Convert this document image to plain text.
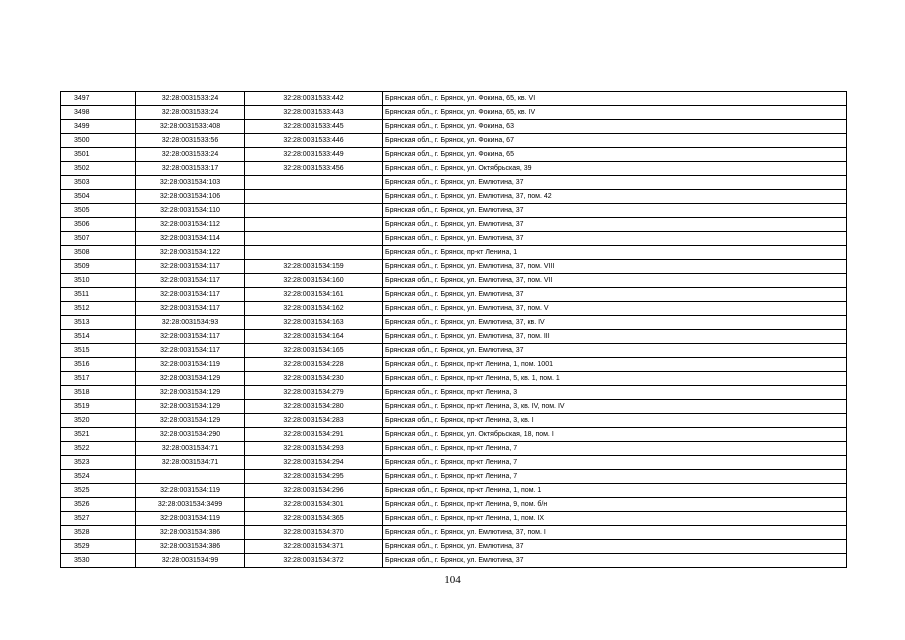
3497	32:28:0031533:24	32:28:0031533:442	Брянская обл., г. Брянск, ул. Фокина, 65, кв. VI
3498	32:28:0031533:24	32:28:0031533:443	Брянская обл., г. Брянск, ул. Фокина, 65, кв. IV
3499	32:28:0031533:408	32:28:0031533:445	Брянская обл., г. Брянск, ул. Фокина, 63
3500	32:28:0031533:56	32:28:0031533:446	Брянская обл., г. Брянск, ул. Фокина, 67
3501	32:28:0031533:24	32:28:0031533:449	Брянская обл., г. Брянск, ул. Фокина, 65
3502	32:28:0031533:17	32:28:0031533:456	Брянская обл., г. Брянск, ул. Октябрьская, 39
3503	32:28:0031534:103		Брянская обл., г. Брянск, ул. Емлютина, 37
3504	32:28:0031534:106		Брянская обл., г. Брянск, ул. Емлютина, 37, пом. 42
3505	32:28:0031534:110		Брянская обл., г. Брянск, ул. Емлютина, 37
3506	32:28:0031534:112		Брянская обл., г. Брянск, ул. Емлютина, 37
3507	32:28:0031534:114		Брянская обл., г. Брянск, ул. Емлютина, 37
3508	32:28:0031534:122		Брянская обл., г. Брянск, пр-кт Ленина, 1
3509	32:28:0031534:117	32:28:0031534:159	Брянская обл., г. Брянск, ул. Емлютина, 37, пом. VIII
3510	32:28:0031534:117	32:28:0031534:160	Брянская обл., г. Брянск, ул. Емлютина, 37, пом. VII
3511	32:28:0031534:117	32:28:0031534:161	Брянская обл., г. Брянск, ул. Емлютина, 37
3512	32:28:0031534:117	32:28:0031534:162	Брянская обл., г. Брянск, ул. Емлютина, 37, пом. V
3513	32:28:0031534:93	32:28:0031534:163	Брянская обл., г. Брянск, ул. Емлютина, 37, кв. IV
3514	32:28:0031534:117	32:28:0031534:164	Брянская обл., г. Брянск, ул. Емлютина, 37, пом. III
3515	32:28:0031534:117	32:28:0031534:165	Брянская обл., г. Брянск, ул. Емлютина, 37
3516	32:28:0031534:119	32:28:0031534:228	Брянская обл., г. Брянск, пр-кт Ленина, 1, пом. 1001
3517	32:28:0031534:129	32:28:0031534:230	Брянская обл., г. Брянск, пр-кт Ленина, 5, кв. 1, пом. 1
3518	32:28:0031534:129	32:28:0031534:279	Брянская обл., г. Брянск, пр-кт Ленина, 3
3519	32:28:0031534:129	32:28:0031534:280	Брянская обл., г. Брянск, пр-кт Ленина, 3, кв. IV, пом. IV
3520	32:28:0031534:129	32:28:0031534:283	Брянская обл., г. Брянск, пр-кт Ленина, 3, кв. I
3521	32:28:0031534:290	32:28:0031534:291	Брянская обл., г. Брянск, ул. Октябрьская, 18, пом. I
3522	32:28:0031534:71	32:28:0031534:293	Брянская обл., г. Брянск, пр-кт Ленина, 7
3523	32:28:0031534:71	32:28:0031534:294	Брянская обл., г. Брянск, пр-кт Ленина, 7
3524		32:28:0031534:295	Брянская обл., г. Брянск, пр-кт Ленина, 7
3525	32:28:0031534:119	32:28:0031534:296	Брянская обл., г. Брянск, пр-кт Ленина, 1, пом. 1
3526	32:28:0031534:3499	32:28:0031534:301	Брянская обл., г. Брянск, пр-кт Ленина, 9, пом. б/н
3527	32:28:0031534:119	32:28:0031534:365	Брянская обл., г. Брянск, пр-кт Ленина, 1, пом. IX
3528	32:28:0031534:386	32:28:0031534:370	Брянская обл., г. Брянск, ул. Емлютина, 37, пом. I
3529	32:28:0031534:386	32:28:0031534:371	Брянская обл., г. Брянск, ул. Емлютина, 37
3530	32:28:0031534:99	32:28:0031534:372	Брянская обл., г. Брянск, ул. Емлютина, 37
104
